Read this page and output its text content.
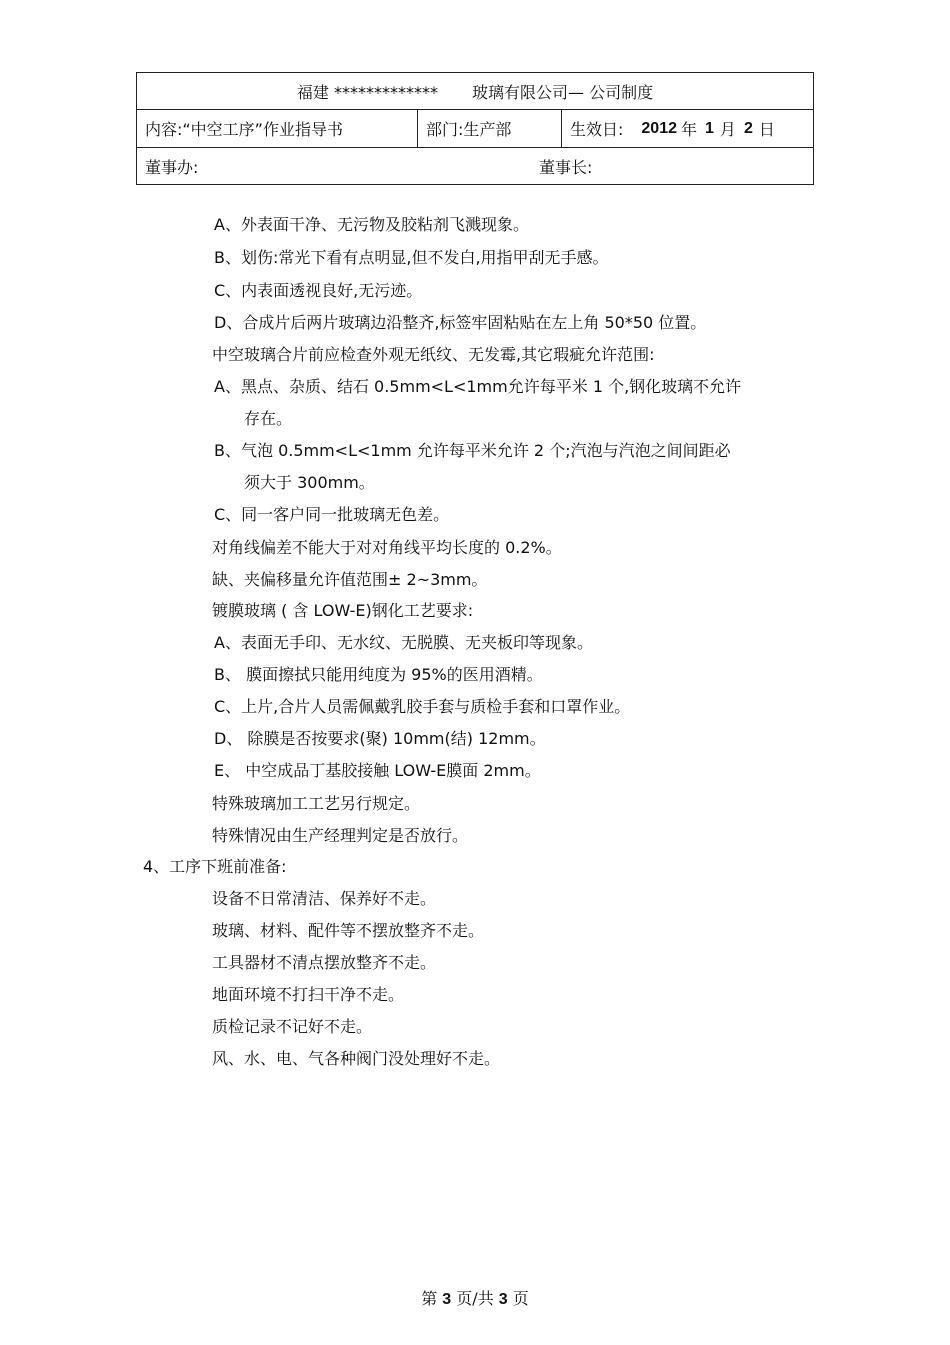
福建 ************* 玻璃有限公司— 公司制度
内容:“中空工序”作业指导书	部门:生产部	生效日: 2012 年 1 月 2 日
董事办:	董事长:
A、外表面干净、无污物及胶粘剂飞溅现象。
B、划伤:常光下看有点明显,但不发白,用指甲刮无手感。
C、内表面透视良好,无污迹。
D、合成片后两片玻璃边沿整齐,标签牢固粘贴在左上角 50*50 位置。
中空玻璃合片前应检查外观无纸纹、无发霉,其它瑕疵允许范围:
A、黑点、杂质、结石 0.5mm<L<1mm允许每平米 1 个,钢化玻璃不允许
存在。
B、气泡 0.5mm<L<1mm 允许每平米允许 2 个;汽泡与汽泡之间间距必
须大于 300mm。
C、同一客户同一批玻璃无色差。
对角线偏差不能大于对对角线平均长度的 0.2%。
缺、夹偏移量允许值范围± 2~3mm。
镀膜玻璃 ( 含 LOW-E)钢化工艺要求:
A、表面无手印、无水纹、无脱膜、无夹板印等现象。
B、 膜面擦拭只能用纯度为 95%的医用酒精。
C、上片,合片人员需佩戴乳胶手套与质检手套和口罩作业。
D、 除膜是否按要求(聚) 10mm(结) 12mm。
E、 中空成品丁基胶接触 LOW-E膜面 2mm。
特殊玻璃加工工艺另行规定。
特殊情况由生产经理判定是否放行。
4、工序下班前准备:
设备不日常清洁、保养好不走。
玻璃、材料、配件等不摆放整齐不走。
工具器材不清点摆放整齐不走。
地面环境不打扫干净不走。
质检记录不记好不走。
风、水、电、气各种阀门没处理好不走。
第 3 页/共 3 页
